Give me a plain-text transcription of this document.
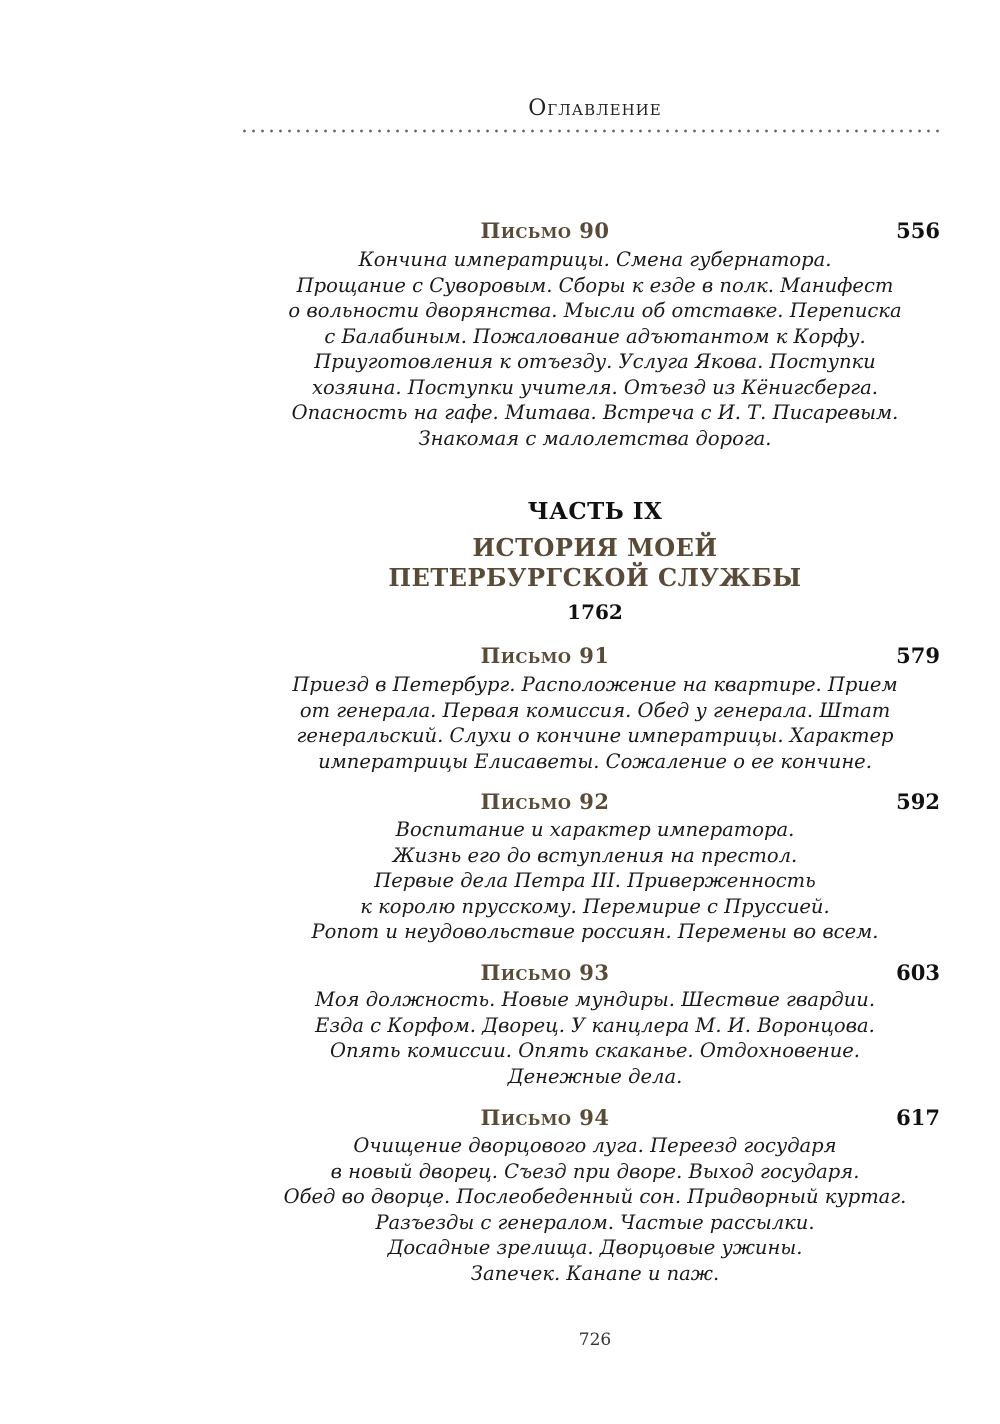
Оглавление
Письмо 90	556
Кончина императрицы. Смена губернатора.
Прощание с Суворовым. Сборы к езде в полк. Манифест
о вольности дворянства. Мысли об отставке. Переписка
с Балабиным. Пожалование адъютантом к Корфу.
Приуготовления к отъезду. Услуга Якова. Поступки
хозяина. Поступки учителя. Отъезд из Кёнигсберга.
Опасность на гафе. Митава. Встреча с И. Т. Писаревым.
Знакомая с малолетства дорога.
ЧАСТЬ IX
ИСТОРИЯ МОЕЙ
ПЕТЕРБУРГСКОЙ СЛУЖБЫ
1762
Письмо 91	579
Приезд в Петербург. Расположение на квартире. Прием
от генерала. Первая комиссия. Обед у генерала. Штат
генеральский. Слухи о кончине императрицы. Характер
императрицы Елисаветы. Сожаление о ее кончине.
Письмо 92	592
Воспитание и характер императора.
Жизнь его до вступления на престол.
Первые дела Петра III. Приверженность
к королю прусскому. Перемирие с Пруссией.
Ропот и неудовольствие россиян. Перемены во всем.
Письмо 93	603
Моя должность. Новые мундиры. Шествие гвардии.
Езда с Корфом. Дворец. У канцлера М. И. Воронцова.
Опять комиссии. Опять скаканье. Отдохновение.
Денежные дела.
Письмо 94	617
Очищение дворцового луга. Переезд государя
в новый дворец. Съезд при дворе. Выход государя.
Обед во дворце. Послеобеденный сон. Придворный куртаг.
Разъезды с генералом. Частые рассылки.
Досадные зрелища. Дворцовые ужины.
Запечек. Канапе и паж.
726
